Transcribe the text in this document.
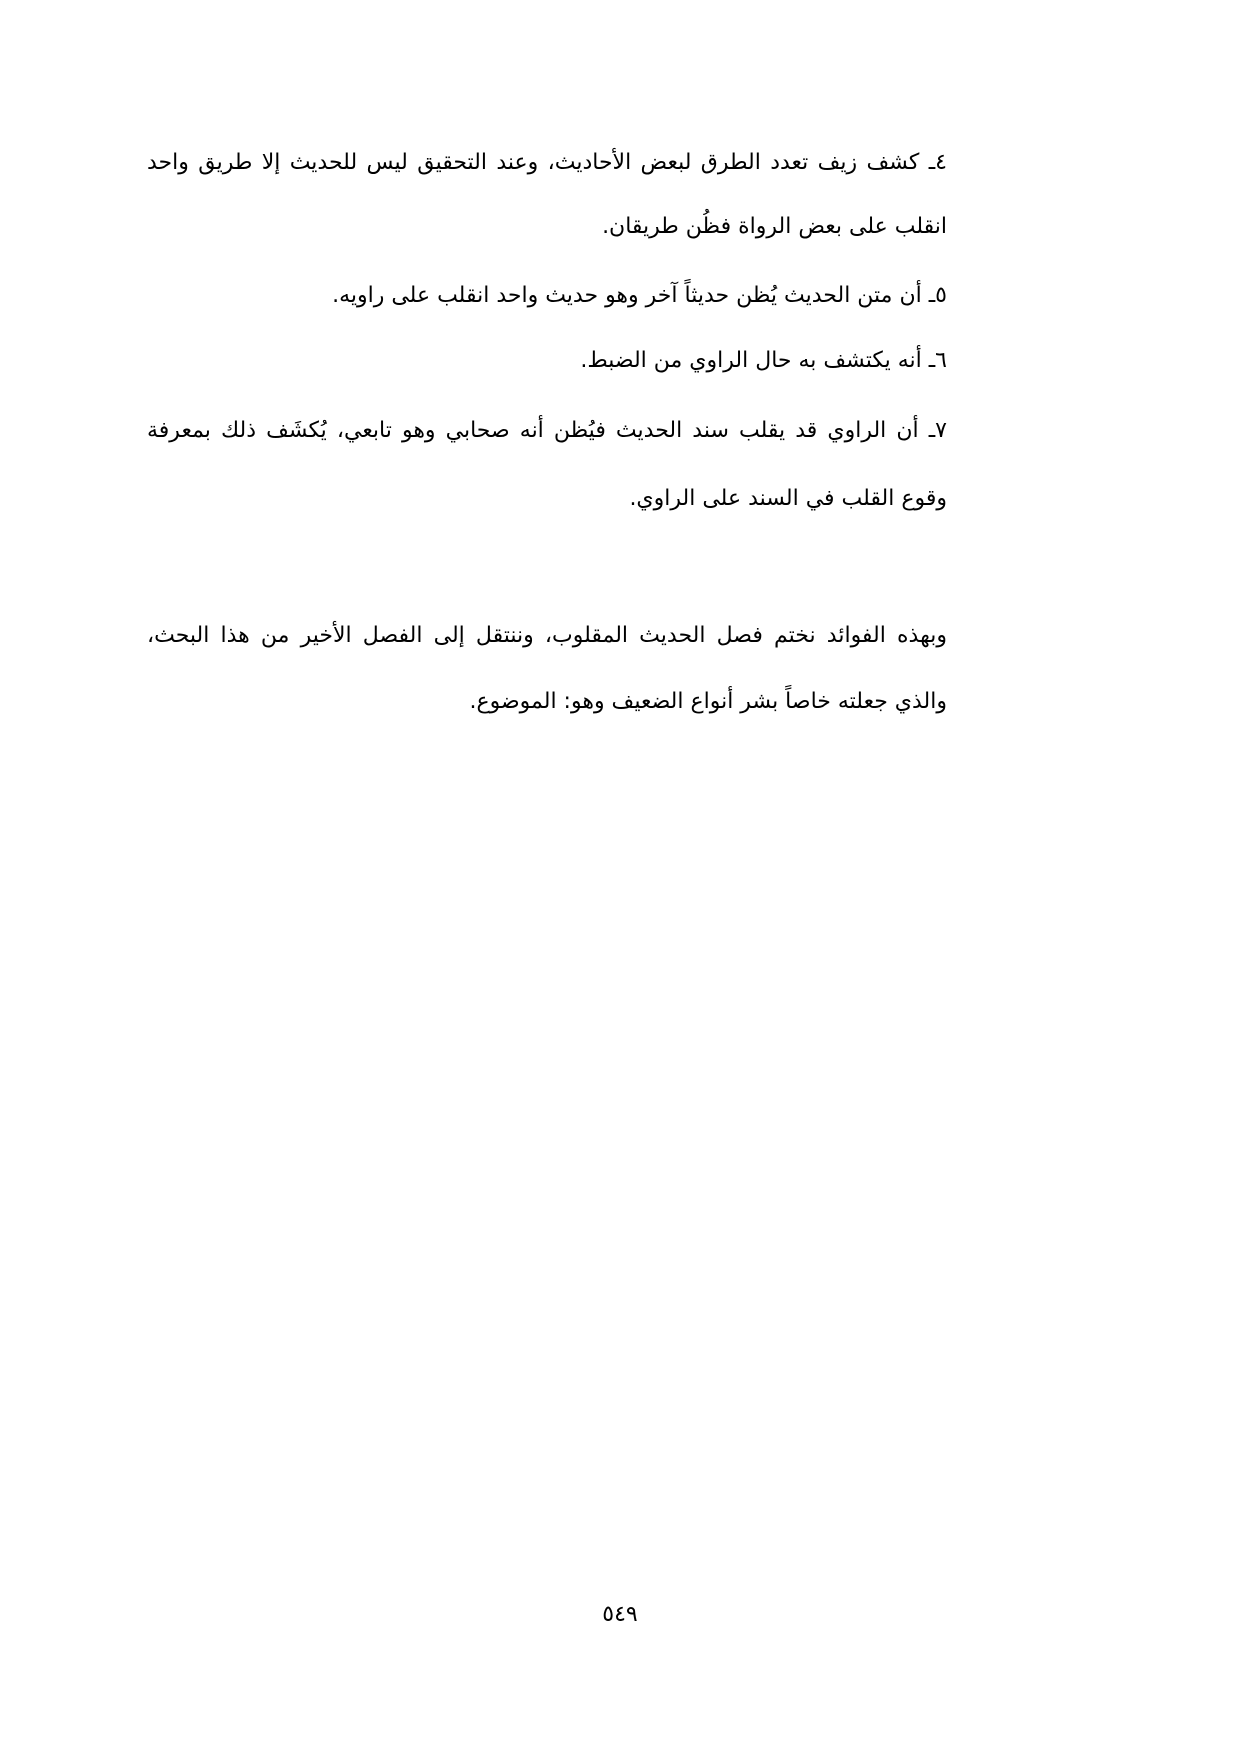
٤ـ كشف زيف تعدد الطرق لبعض الأحاديث، وعند التحقيق ليس للحديث إلا طريق واحد
انقلب على بعض الرواة فظُن طريقان.
٥ـ أن متن الحديث يُظن حديثاً آخر وهو حديث واحد انقلب على راويه.
٦ـ أنه يكتشف به حال الراوي من الضبط.
٧ـ أن الراوي قد يقلب سند الحديث فيُظن أنه صحابي وهو تابعي، يُكشَف ذلك بمعرفة
وقوع القلب في السند على الراوي.
وبهذه الفوائد نختم فصل الحديث المقلوب، وننتقل إلى الفصل الأخير من هذا البحث،
والذي جعلته خاصاً بشر أنواع الضعيف وهو: الموضوع.
٥٤٩
